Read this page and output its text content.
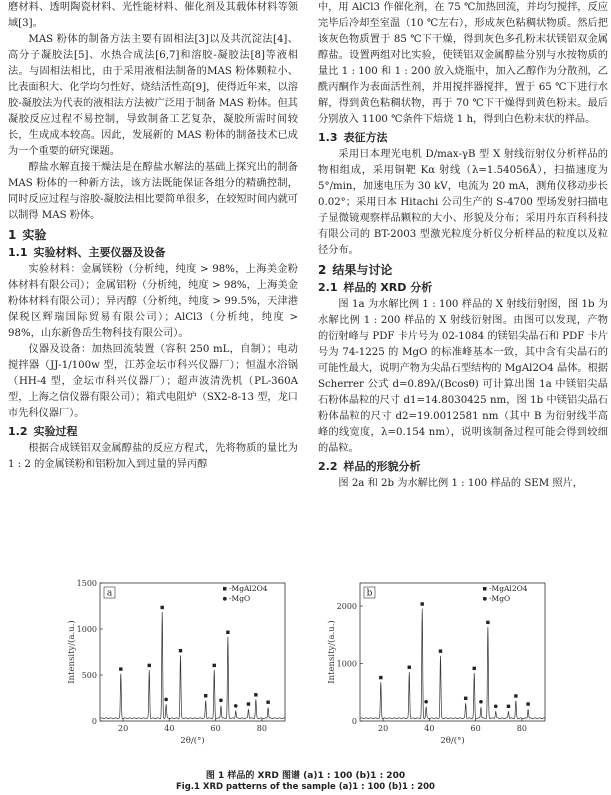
磨材料、透明陶瓷材料、光性能材料、催化剂及其载体材料等领域[3]。

MAS 粉体的制备方法主要有固相法[3]以及共沉淀法[4]、高分子凝胶法[5]、水热合成法[6,7]和溶胶-凝胶法[8]等液相法。与固相法相比，由于采用液相法制备的MAS 粉体颗粒小、比表面积大、化学均匀性好、烧结活性高[9]，使得近年来，以溶胶-凝胶法为代表的液相法方法被广泛用于制备 MAS 粉体。但其凝胶反应过程不易控制，导致制备工艺复杂，凝胶所需时间较长，生成成本较高。因此，发展新的 MAS 粉体的制备技术已成为一个重要的研究课题。

醇盐水解直接干燥法是在醇盐水解法的基础上探究出的制备 MAS 粉体的一种新方法，该方法既能保证各组分的精确控制，同时反应过程与溶胶-凝胶法相比要简单很多，在较短时间内就可以制得 MAS 粉体。

1 实验
1.1 实验材料、主要仪器及设备

实验材料：金属镁粉（分析纯，纯度 > 98%，上海美金粉体材料有限公司）；金属铝粉（分析纯，纯度 > 98%，上海美金粉体材料有限公司）；异丙醇（分析纯，纯度 > 99.5%，天津港保税区辉瑞国际贸易有限公司）；AlCl3（分析纯，纯度 > 98%，山东新鲁岳生物科技有限公司）。

仪器及设备：加热回流装置（容积 250 mL，自制）；电动搅拌器（JJ-1/100w 型，江苏金坛市科兴仪器厂）；恒温水浴锅（HH-4 型，金坛市科兴仪器厂）；超声波清洗机（PL-360A 型，上海之信仪器有限公司）；箱式电阻炉（SX2-8-13 型，龙口市先科仪器厂）。

1.2 实验过程

根据合成镁铝双金属醇盐的反应方程式，先将物质的量比为 1 : 2 的金属镁粉和铝粉加入到过量的异丙醇

中，用 AlCl3 作催化剂，在 75 ℃加热回流，并均匀搅拌，反应完毕后冷却至室温（10 ℃左右），形成灰色粘稠状物质。然后把该灰色物质置于 85 ℃下干燥，得到灰色多孔粉末状镁铝双金属醇盐。设置两组对比实验，使镁铝双金属醇盐分别与水按物质的量比 1 : 100 和 1 : 200 放入烧瓶中，加入乙醇作为分散剂，乙酰丙酮作为表面活性剂，并用搅拌器搅拌，置于 65 ℃下进行水解，得到黄色粘稠状物，再于 70 ℃下干燥得到黄色粉末。最后分别放入 1100 ℃条件下焙烧 1 h，得到白色粉末状的样品。

1.3 表征方法

采用日本理光电机 D/max-γB 型 X 射线衍射仪分析样品的物相组成，采用铜靶 Kα 射线（λ=1.54056Å），扫描速度为 5°/min，加速电压为 30 kV，电流为 20 mA，测角仪移动步长 0.02°；采用日本 Hitachi 公司生产的 S-4700 型场发射扫描电子显微镜观察样品颗粒的大小、形貌及分布；采用丹东百科科技有限公司的 BT-2003 型激光粒度分析仪分析样品的粒度以及粒径分布。

2 结果与讨论
2.1 样品的 XRD 分析

图 1a 为水解比例 1 : 100 样品的 X 射线衍射图，图 1b 为水解比例 1 : 200 样品的 X 射线衍射图。由图可以发现，产物的衍射峰与 PDF 卡片号为 02-1084 的镁铝尖晶石和 PDF 卡片号为 74-1225 的 MgO 的标准峰基本一致，其中含有尖晶石的可能性最大，说明产物为尖晶石型结构的 MgAl2O4 晶体。根据 Scherrer 公式 d=0.89λ/(Bcosθ) 可计算出图 1a 中镁铝尖晶石粉体晶粒的尺寸 d1=14.8030425 nm，图 1b 中镁铝尖晶石粉体晶粒的尺寸 d2=19.0012581 nm（其中 B 为衍射线半高峰的线宽度，λ=0.154 nm），说明该制备过程可能会得到较细的晶粒。

2.2 样品的形貌分析

图 2a 和 2b 为水解比例 1 : 100 样品的 SEM 照片，

20	40	60	80
0
500
1000
1500
2θ/(°)
Intensity/(a.u.)
a	-MgAl2O4
-MgO
20	40	60	80
0
1000
2000
2θ/(°)
Intensity/(a.u.)
b	-MgAl2O4
-MgO
图 1 样品的 XRD 图谱 (a)1 : 100 (b)1 : 200
Fig.1 XRD patterns of the sample (a)1 : 100 (b)1 : 200
